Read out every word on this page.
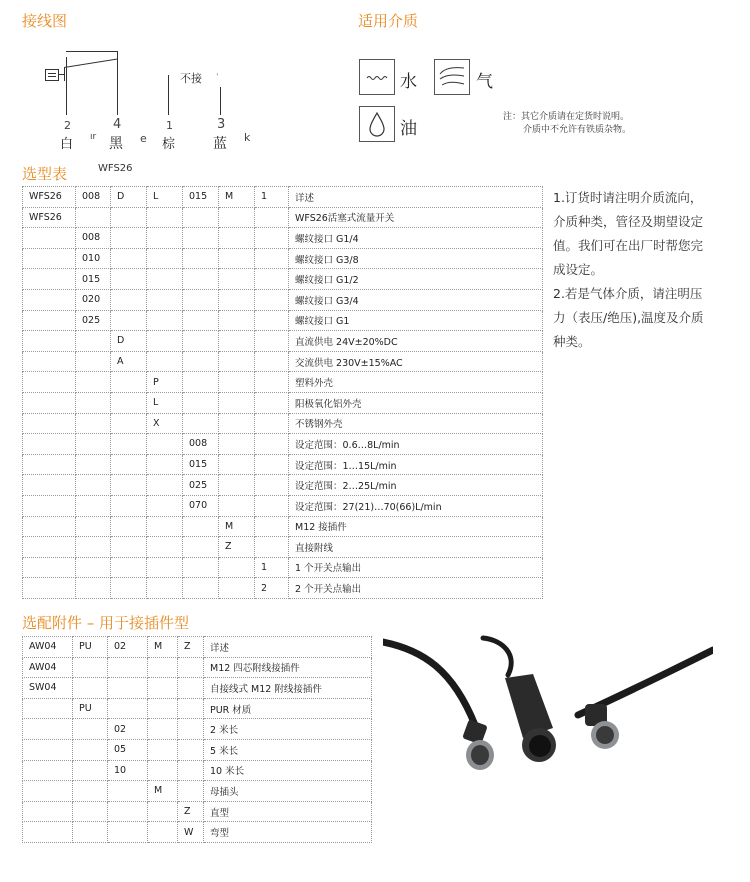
接线图
不接 ˈ
2
白 ır
4
黑 e
1
棕
3
蓝 k
适用介质
水	气
油
注：其它介质请在定货时说明。
介质中不允许有铁质杂物。
选型表	WFS26
WFS26	008	D	L	015	M	1	详述
WFS26							WFS26活塞式流量开关
	008						螺纹接口 G1/4
	010						螺纹接口 G3/8
	015						螺纹接口 G1/2
	020						螺纹接口 G3/4
	025						螺纹接口 G1
		D					直流供电 24V±20%DC
		A					交流供电 230V±15%AC
			P				塑料外壳
			L				阳极氧化铝外壳
			X				不锈钢外壳
				008			设定范围：0.6…8L/min
				015			设定范围：1…15L/min
				025			设定范围：2…25L/min
				070			设定范围：27(21)…70(66)L/min
					M		M12 接插件
					Z		直接附线
						1	1 个开关点输出
						2	2 个开关点输出
1.订货时请注明介质流向，
介质种类，管径及期望设定
值。我们可在出厂时帮您完
成设定。
2.若是气体介质，请注明压
力（表压/绝压),温度及介质
种类。
选配附件 – 用于接插件型
AW04	PU	02	M	Z	详述
AW04					M12 四芯附线接插件
SW04					自接线式 M12 附线接插件
	PU				PUR 材质
		02			2 米长
		05			5 米长
		10			10 米长
			M		母插头
				Z	直型
				W	弯型
